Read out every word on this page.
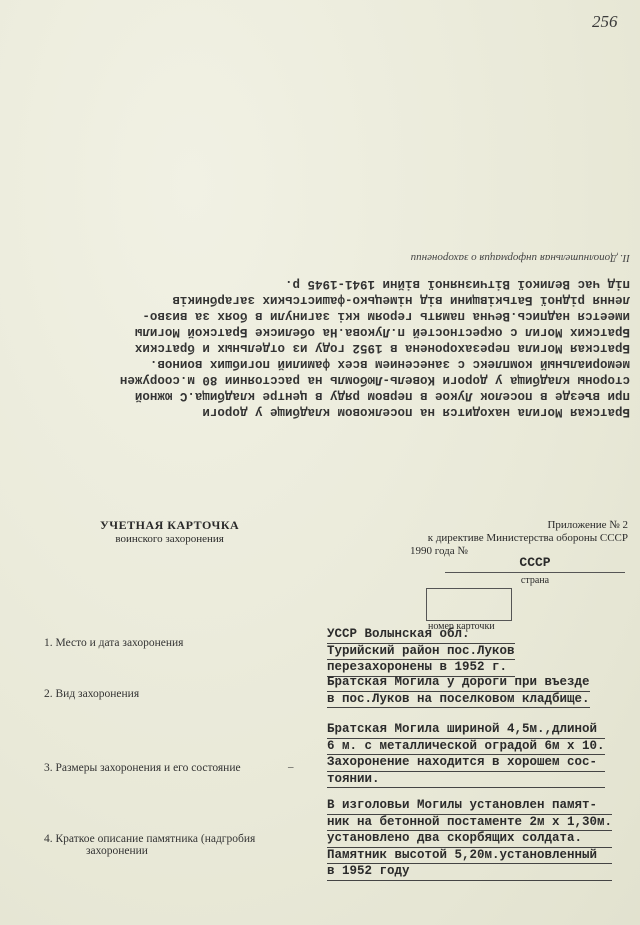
256
Братская Могила находится на поселковом кладбище у дороги
при въезде в поселок Лукое в первом ряду в центре кладбища.С южной
стороны кладбища у дороги Ковель-Любомль на расстоянии 80 м.сооружен
мемориальный комплекс с занесением всех фамилий погибших воинов.
Братская Могила перезахоронена в 1952 году из отдельных и братских
Братских Могил с окрестностей п.Лукова.На обелиске Братской Могилы
имеется надпись.Вечна память героям ккі загинули в боях за визво-
лення рідної Батьківщини від німецько-фашистських загарбників
під час Великої Вітчизняної війни 1941-1945 р.
II. Дополнительная информация о захоронении
УЧЕТНАЯ КАРТОЧКА
воинского захоронения
Приложение № 2
к директиве Министерства обороны СССР
1990 года №
СССР
страна
номер карточки
1. Место и дата захоронения
УССР Волынская обл.
Турийский район пос.Луков
перезахоронены в 1952 г.
2. Вид захоронения
Братская Могила у дороги при въезде
в пос.Луков на поселковом кладбище.
3. Размеры захоронения и его состояние	–
Братская Могила шириной 4,5м.,длиной
6 м. с металлической оградой 6м х 10.
Захоронение находится в хорошем сос-
тоянии.
4. Краткое описание памятника (надгробия
захоронении
В изголовьи Могилы установлен памят-
ник на бетонной постаменте 2м х 1,30м.
установлено два скорбящих солдата.
Памятник высотой 5,20м.установленный
в 1952 году
